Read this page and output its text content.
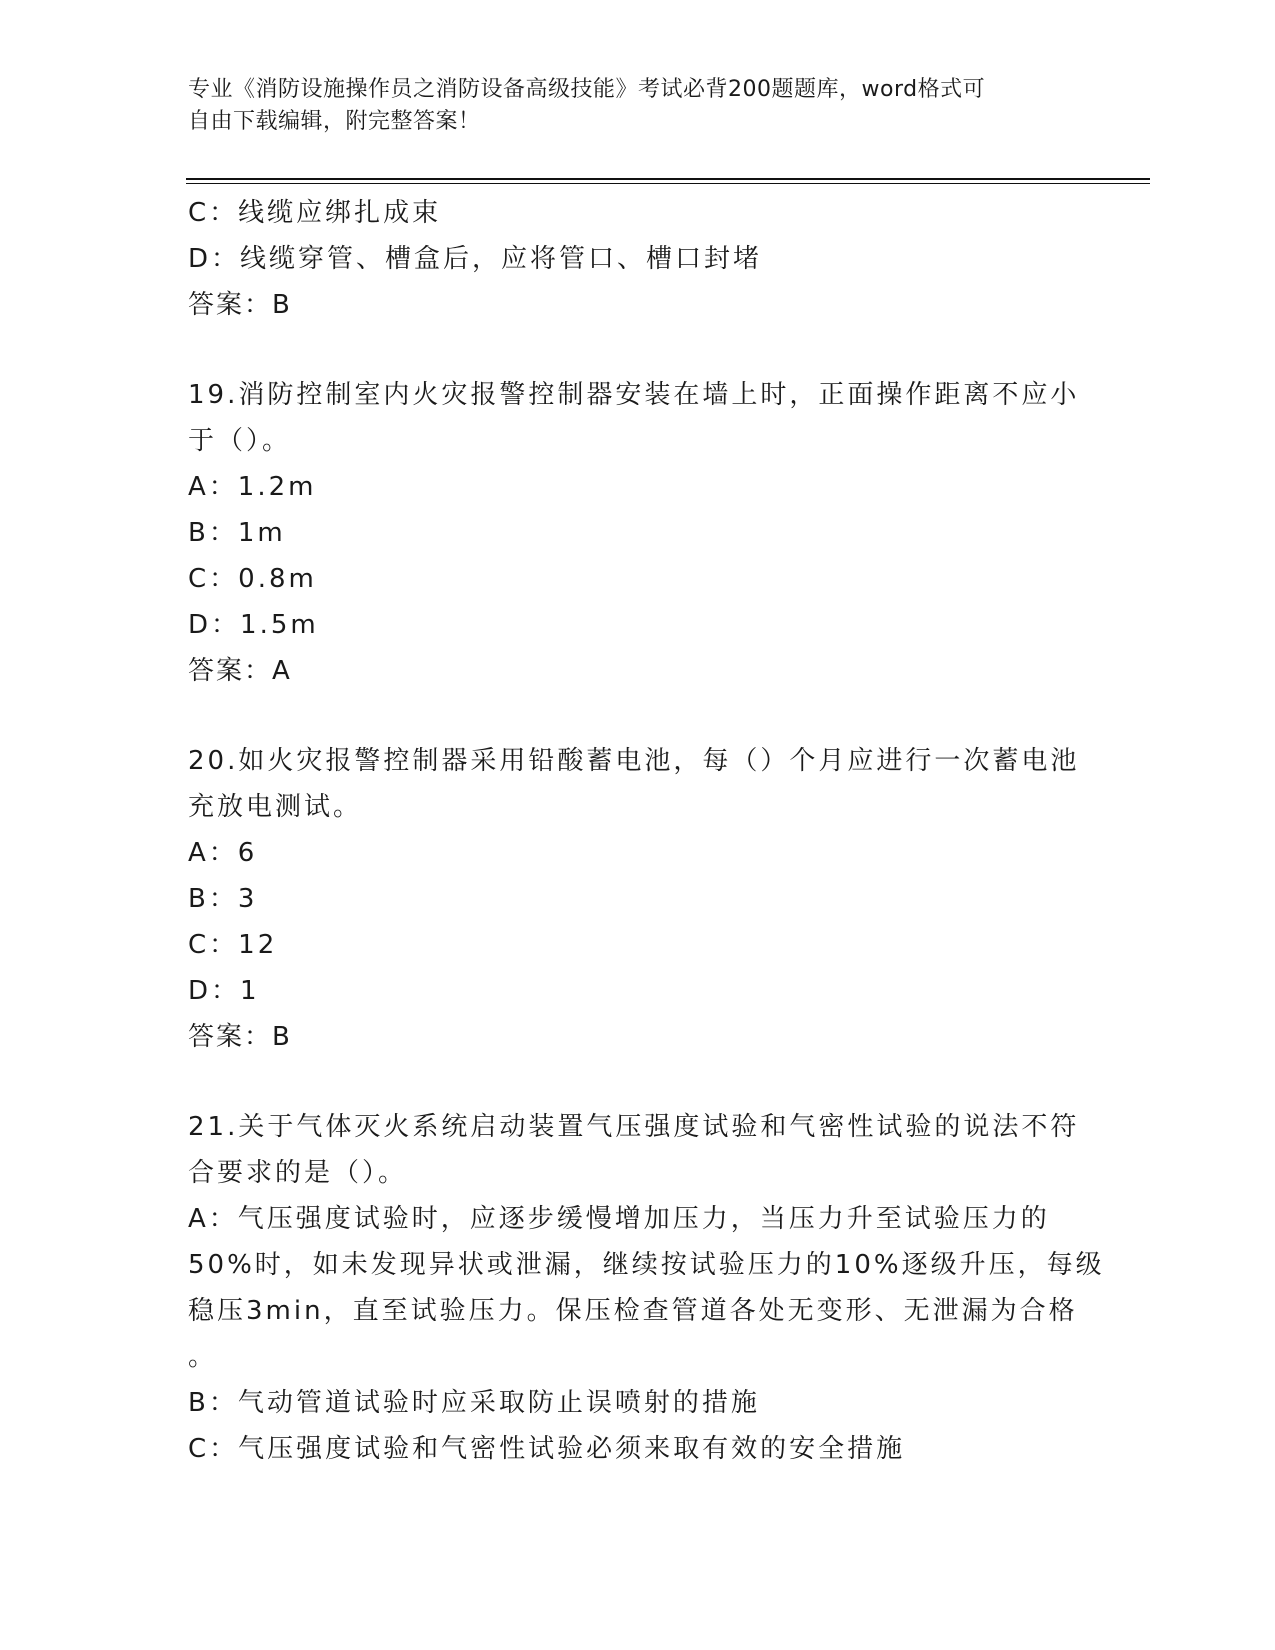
专业《消防设施操作员之消防设备高级技能》考试必背200题题库，word格式可
自由下载编辑，附完整答案！
C：线缆应绑扎成束
D：线缆穿管、槽盒后，应将管口、槽口封堵
答案：B
19.消防控制室内火灾报警控制器安装在墙上时，正面操作距离不应小
于（）。
A：1.2m
B：1m
C：0.8m
D：1.5m
答案：A
20.如火灾报警控制器采用铅酸蓄电池，每（）个月应进行一次蓄电池
充放电测试。
A：6
B：3
C：12
D：1
答案：B
21.关于气体灭火系统启动装置气压强度试验和气密性试验的说法不符
合要求的是（）。
A：气压强度试验时，应逐步缓慢增加压力，当压力升至试验压力的
50%时，如未发现异状或泄漏，继续按试验压力的10%逐级升压，每级
稳压3min，直至试验压力。保压检查管道各处无变形、无泄漏为合格
。
B：气动管道试验时应采取防止误喷射的措施
C：气压强度试验和气密性试验必须来取有效的安全措施
